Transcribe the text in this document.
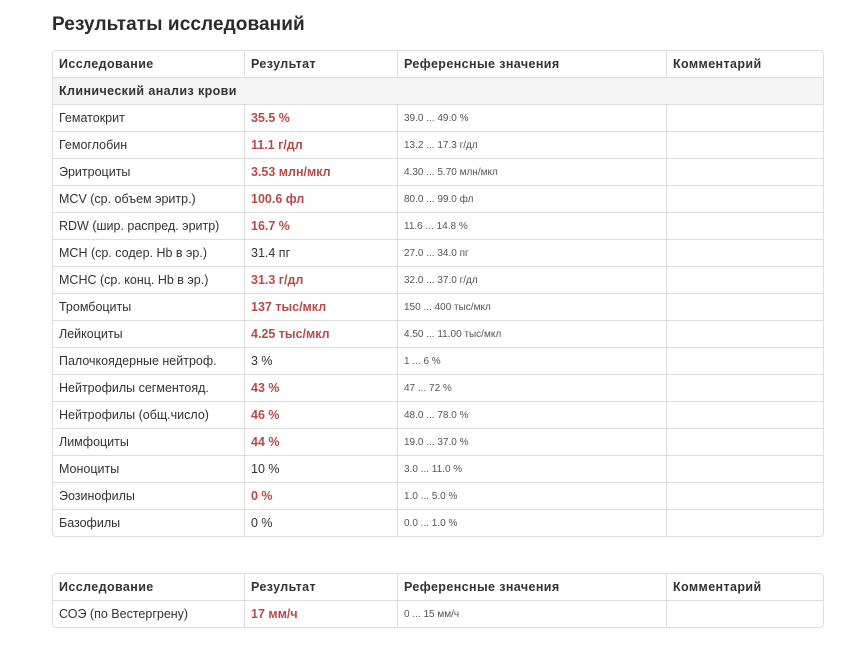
Результаты исследований
Исследование	Результат	Референсные значения	Комментарий
Клинический анализ крови			
Гематокрит	35.5 %	39.0 ... 49.0 %	
Гемоглобин	11.1 г/дл	13.2 ... 17.3 г/дл	
Эритроциты	3.53 млн/мкл	4.30 ... 5.70 млн/мкл	
MCV (ср. объем эритр.)	100.6 фл	80.0 ... 99.0 фл	
RDW (шир. распред. эритр)	16.7 %	11.6 ... 14.8 %	
MCH (ср. содер. Hb в эр.)	31.4 пг	27.0 ... 34.0 пг	
MCHC (ср. конц. Hb в эр.)	31.3 г/дл	32.0 ... 37.0 г/дл	
Тромбоциты	137 тыс/мкл	150 ... 400 тыс/мкл	
Лейкоциты	4.25 тыс/мкл	4.50 ... 11.00 тыс/мкл	
Палочкоядерные нейтроф.	3 %	1 ... 6 %	
Нейтрофилы сегментояд.	43 %	47 ... 72 %	
Нейтрофилы (общ.число)	46 %	48.0 ... 78.0 %	
Лимфоциты	44 %	19.0 ... 37.0 %	
Моноциты	10 %	3.0 ... 11.0 %	
Эозинофилы	0 %	1.0 ... 5.0 %	
Базофилы	0 %	0.0 ... 1.0 %	
Исследование	Результат	Референсные значения	Комментарий
СОЭ (по Вестергрену)	17 мм/ч	0 ... 15 мм/ч	
